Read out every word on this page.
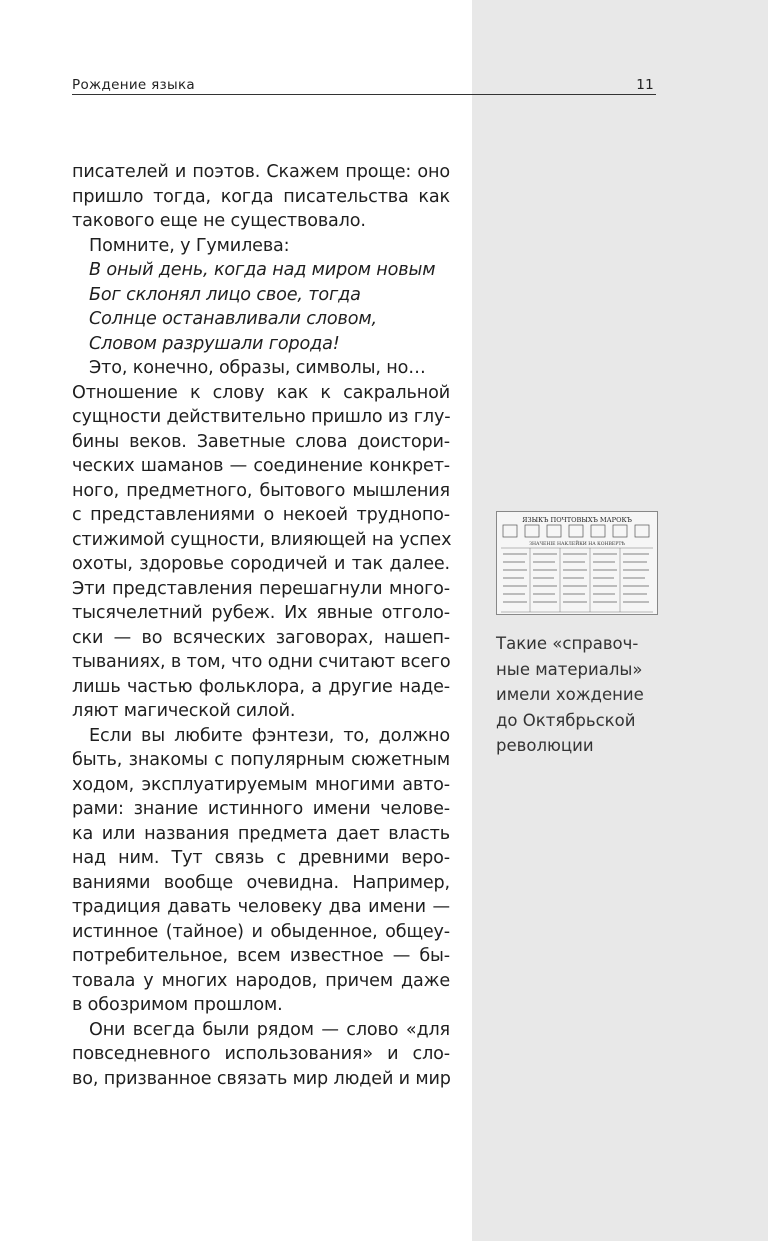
Рождение языка	11
писателей и поэтов. Скажем проще: оно
пришло тогда, когда писательства как
такового еще не существовало.
Помните, у Гумилева:
В оный день, когда над миром новым
Бог склонял лицо свое, тогда
Солнце останавливали словом,
Словом разрушали города!
Это, конечно, образы, символы, но…
Отношение к слову как к сакральной
сущности действительно пришло из глу-
бины веков. Заветные слова доистори-
ческих шаманов — соединение конкрет-
ного, предметного, бытового мышления
с представлениями о некоей труднопо-
стижимой сущности, влияющей на успех
охоты, здоровье сородичей и так далее.
Эти представления перешагнули много-
тысячелетний рубеж. Их явные отголо-
ски — во всяческих заговорах, нашеп-
тываниях, в том, что одни считают всего
лишь частью фольклора, а другие наде-
ляют магической силой.
Если вы любите фэнтези, то, должно
быть, знакомы с популярным сюжетным
ходом, эксплуатируемым многими авто-
рами: знание истинного имени челове-
ка или названия предмета дает власть
над ним. Тут связь с древними веро-
ваниями вообще очевидна. Например,
традиция давать человеку два имени —
истинное (тайное) и обыденное, общеу-
потребительное, всем известное — бы-
товала у многих народов, причем даже
в обозримом прошлом.
Они всегда были рядом — слово «для
повседневного использования» и сло-
во, призванное связать мир людей и мир
ЯЗЫКЪ ПОЧТОВЫХЪ МАРОКЪ
ЗНАЧЕНІЕ НАКЛЕЙКИ НА КОНВЕРТѢ
Такие «справоч-
ные материалы»
имели хождение
до Октябрьской
революции
